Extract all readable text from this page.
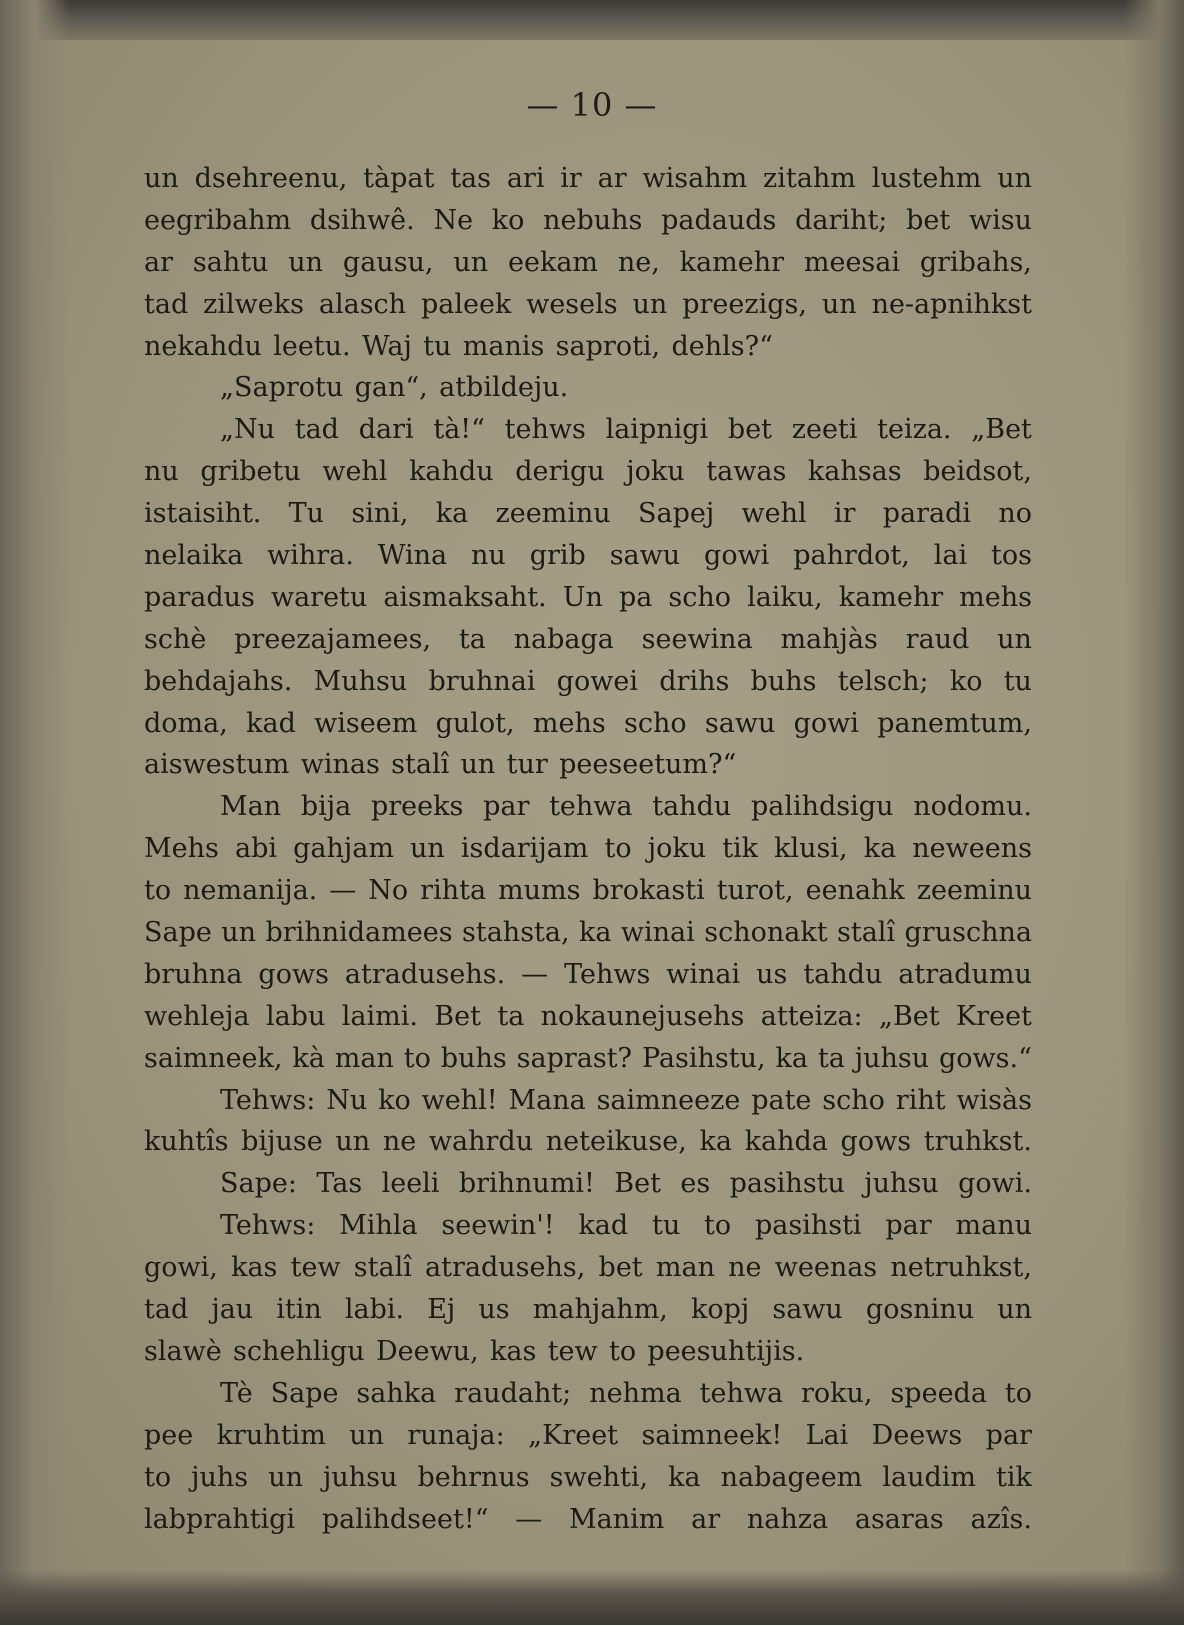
— 10 —
un dsehreenu, tàpat tas ari ir ar wisahm zitahm lustehm un
eegribahm dsihwê. Ne ko nebuhs padauds dariht; bet wisu
ar sahtu un gausu, un eekam ne, kamehr meesai gribahs,
tad zilweks alasch paleek wesels un preezigs, un ne-apnihkst
nekahdu leetu. Waj tu manis saproti, dehls?“
„Saprotu gan“, atbildeju.
„Nu tad dari tà!“ tehws laipnigi bet zeeti teiza. „Bet
nu gribetu wehl kahdu derigu joku tawas kahsas beidsot,
istaisiht. Tu sini, ka zeeminu Sapej wehl ir paradi no
nelaika wihra. Wina nu grib sawu gowi pahrdot, lai tos
paradus waretu aismaksaht. Un pa scho laiku, kamehr mehs
schè preezajamees, ta nabaga seewina mahjàs raud un
behdajahs. Muhsu bruhnai gowei drihs buhs telsch; ko tu
doma, kad wiseem gulot, mehs scho sawu gowi panemtum,
aiswestum winas stalî un tur peeseetum?“
Man bija preeks par tehwa tahdu palihdsigu nodomu.
Mehs abi gahjam un isdarijam to joku tik klusi, ka neweens
to nemanija. — No rihta mums brokasti turot, eenahk zeeminu
Sape un brihnidamees stahsta, ka winai schonakt stalî gruschna
bruhna gows atradusehs. — Tehws winai us tahdu atradumu
wehleja labu laimi. Bet ta nokaunejusehs atteiza: „Bet Kreet
saimneek, kà man to buhs saprast? Pasihstu, ka ta juhsu gows.“
Tehws: Nu ko wehl! Mana saimneeze pate scho riht wisàs
kuhtîs bijuse un ne wahrdu neteikuse, ka kahda gows truhkst.
Sape: Tas leeli brihnumi! Bet es pasihstu juhsu gowi.
Tehws: Mihla seewin'! kad tu to pasihsti par manu
gowi, kas tew stalî atradusehs, bet man ne weenas netruhkst,
tad jau itin labi. Ej us mahjahm, kopj sawu gosninu un
slawè schehligu Deewu, kas tew to peesuhtijis.
Tè Sape sahka raudaht; nehma tehwa roku, speeda to
pee kruhtim un runaja: „Kreet saimneek! Lai Deews par
to juhs un juhsu behrnus swehti, ka nabageem laudim tik
labprahtigi palihdseet!“ — Manim ar nahza asaras azîs.
